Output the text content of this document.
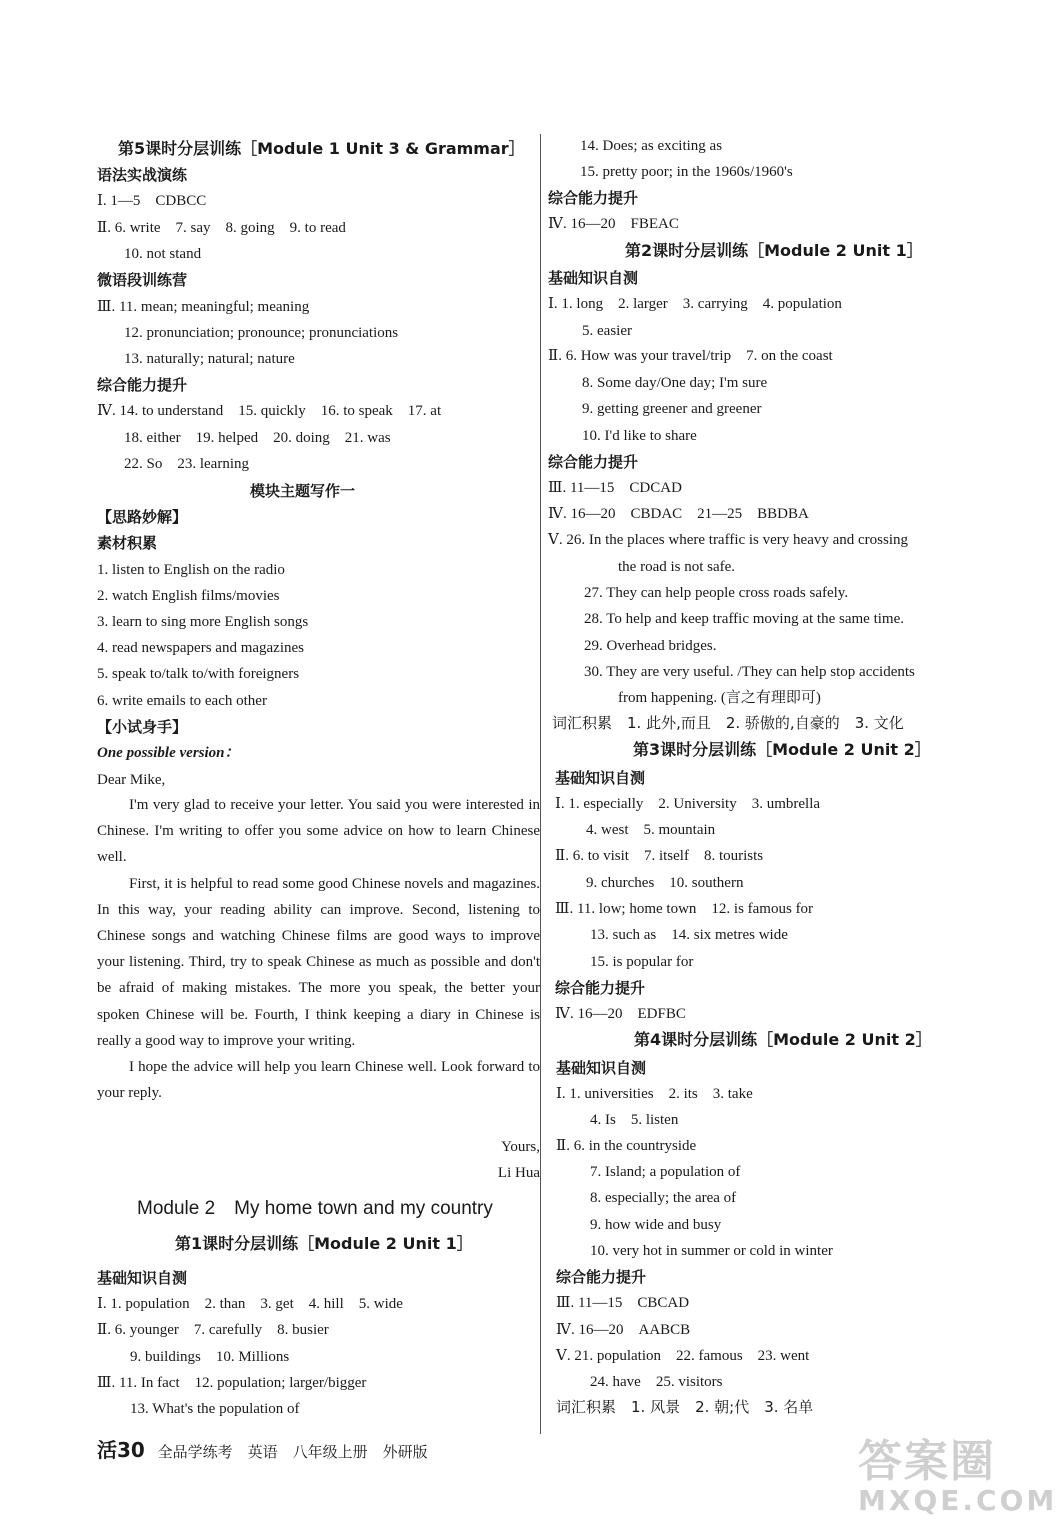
第5课时分层训练［Module 1 Unit 3 & Grammar］
语法实战演练
Ⅰ. 1—5　CDBCC
Ⅱ. 6. write　7. say　8. going　9. to read
10. not stand
微语段训练营
Ⅲ. 11. mean; meaningful; meaning
12. pronunciation; pronounce; pronunciations
13. naturally; natural; nature
综合能力提升
Ⅳ. 14. to understand　15. quickly　16. to speak　17. at
18. either　19. helped　20. doing　21. was
22. So　23. learning
模块主题写作一
【思路妙解】
素材积累
1. listen to English on the radio
2. watch English films/movies
3. learn to sing more English songs
4. read newspapers and magazines
5. speak to/talk to/with foreigners
6. write emails to each other
【小试身手】
One possible version：
Dear Mike,

I'm very glad to receive your letter. You said you were interested in Chinese. I'm writing to offer you some advice on how to learn Chinese well.

First, it is helpful to read some good Chinese novels and magazines. In this way, your reading ability can improve. Second, listening to Chinese songs and watching Chinese films are good ways to improve your listening. Third, try to speak Chinese as much as possible and don't be afraid of making mistakes. The more you speak, the better your spoken Chinese will be. Fourth, I think keeping a diary in Chinese is really a good way to improve your writing.

I hope the advice will help you learn Chinese well. Look forward to your reply.

Yours,
Li Hua
Module 2　My home town and my country
第1课时分层训练［Module 2 Unit 1］
基础知识自测
Ⅰ. 1. population　2. than　3. get　4. hill　5. wide
Ⅱ. 6. younger　7. carefully　8. busier
9. buildings　10. Millions
Ⅲ. 11. In fact　12. population; larger/bigger
13. What's the population of
14. Does; as exciting as
15. pretty poor; in the 1960s/1960's
综合能力提升
Ⅳ. 16—20　FBEAC
第2课时分层训练［Module 2 Unit 1］
基础知识自测
Ⅰ. 1. long　2. larger　3. carrying　4. population
5. easier
Ⅱ. 6. How was your travel/trip　7. on the coast
8. Some day/One day; I'm sure
9. getting greener and greener
10. I'd like to share
综合能力提升
Ⅲ. 11—15　CDCAD
Ⅳ. 16—20　CBDAC　21—25　BBDBA
Ⅴ. 26. In the places where traffic is very heavy and crossing
the road is not safe.
27. They can help people cross roads safely.
28. To help and keep traffic moving at the same time.
29. Overhead bridges.
30. They are very useful. /They can help stop accidents
from happening. (言之有理即可)
词汇积累　1. 此外,而且　2. 骄傲的,自豪的　3. 文化
第3课时分层训练［Module 2 Unit 2］
基础知识自测
Ⅰ. 1. especially　2. University　3. umbrella
4. west　5. mountain
Ⅱ. 6. to visit　7. itself　8. tourists
9. churches　10. southern
Ⅲ. 11. low; home town　12. is famous for
13. such as　14. six metres wide
15. is popular for
综合能力提升
Ⅳ. 16—20　EDFBC
第4课时分层训练［Module 2 Unit 2］
基础知识自测
Ⅰ. 1. universities　2. its　3. take
4. Is　5. listen
Ⅱ. 6. in the countryside
7. Island; a population of
8. especially; the area of
9. how wide and busy
10. very hot in summer or cold in winter
综合能力提升
Ⅲ. 11—15　CBCAD
Ⅳ. 16—20　AABCB
Ⅴ. 21. population　22. famous　23. went
24. have　25. visitors
词汇积累　1. 风景　2. 朝;代　3. 名单
活30 全品学练考　英语　八年级上册　外研版	答案圈
MXQE.COM
